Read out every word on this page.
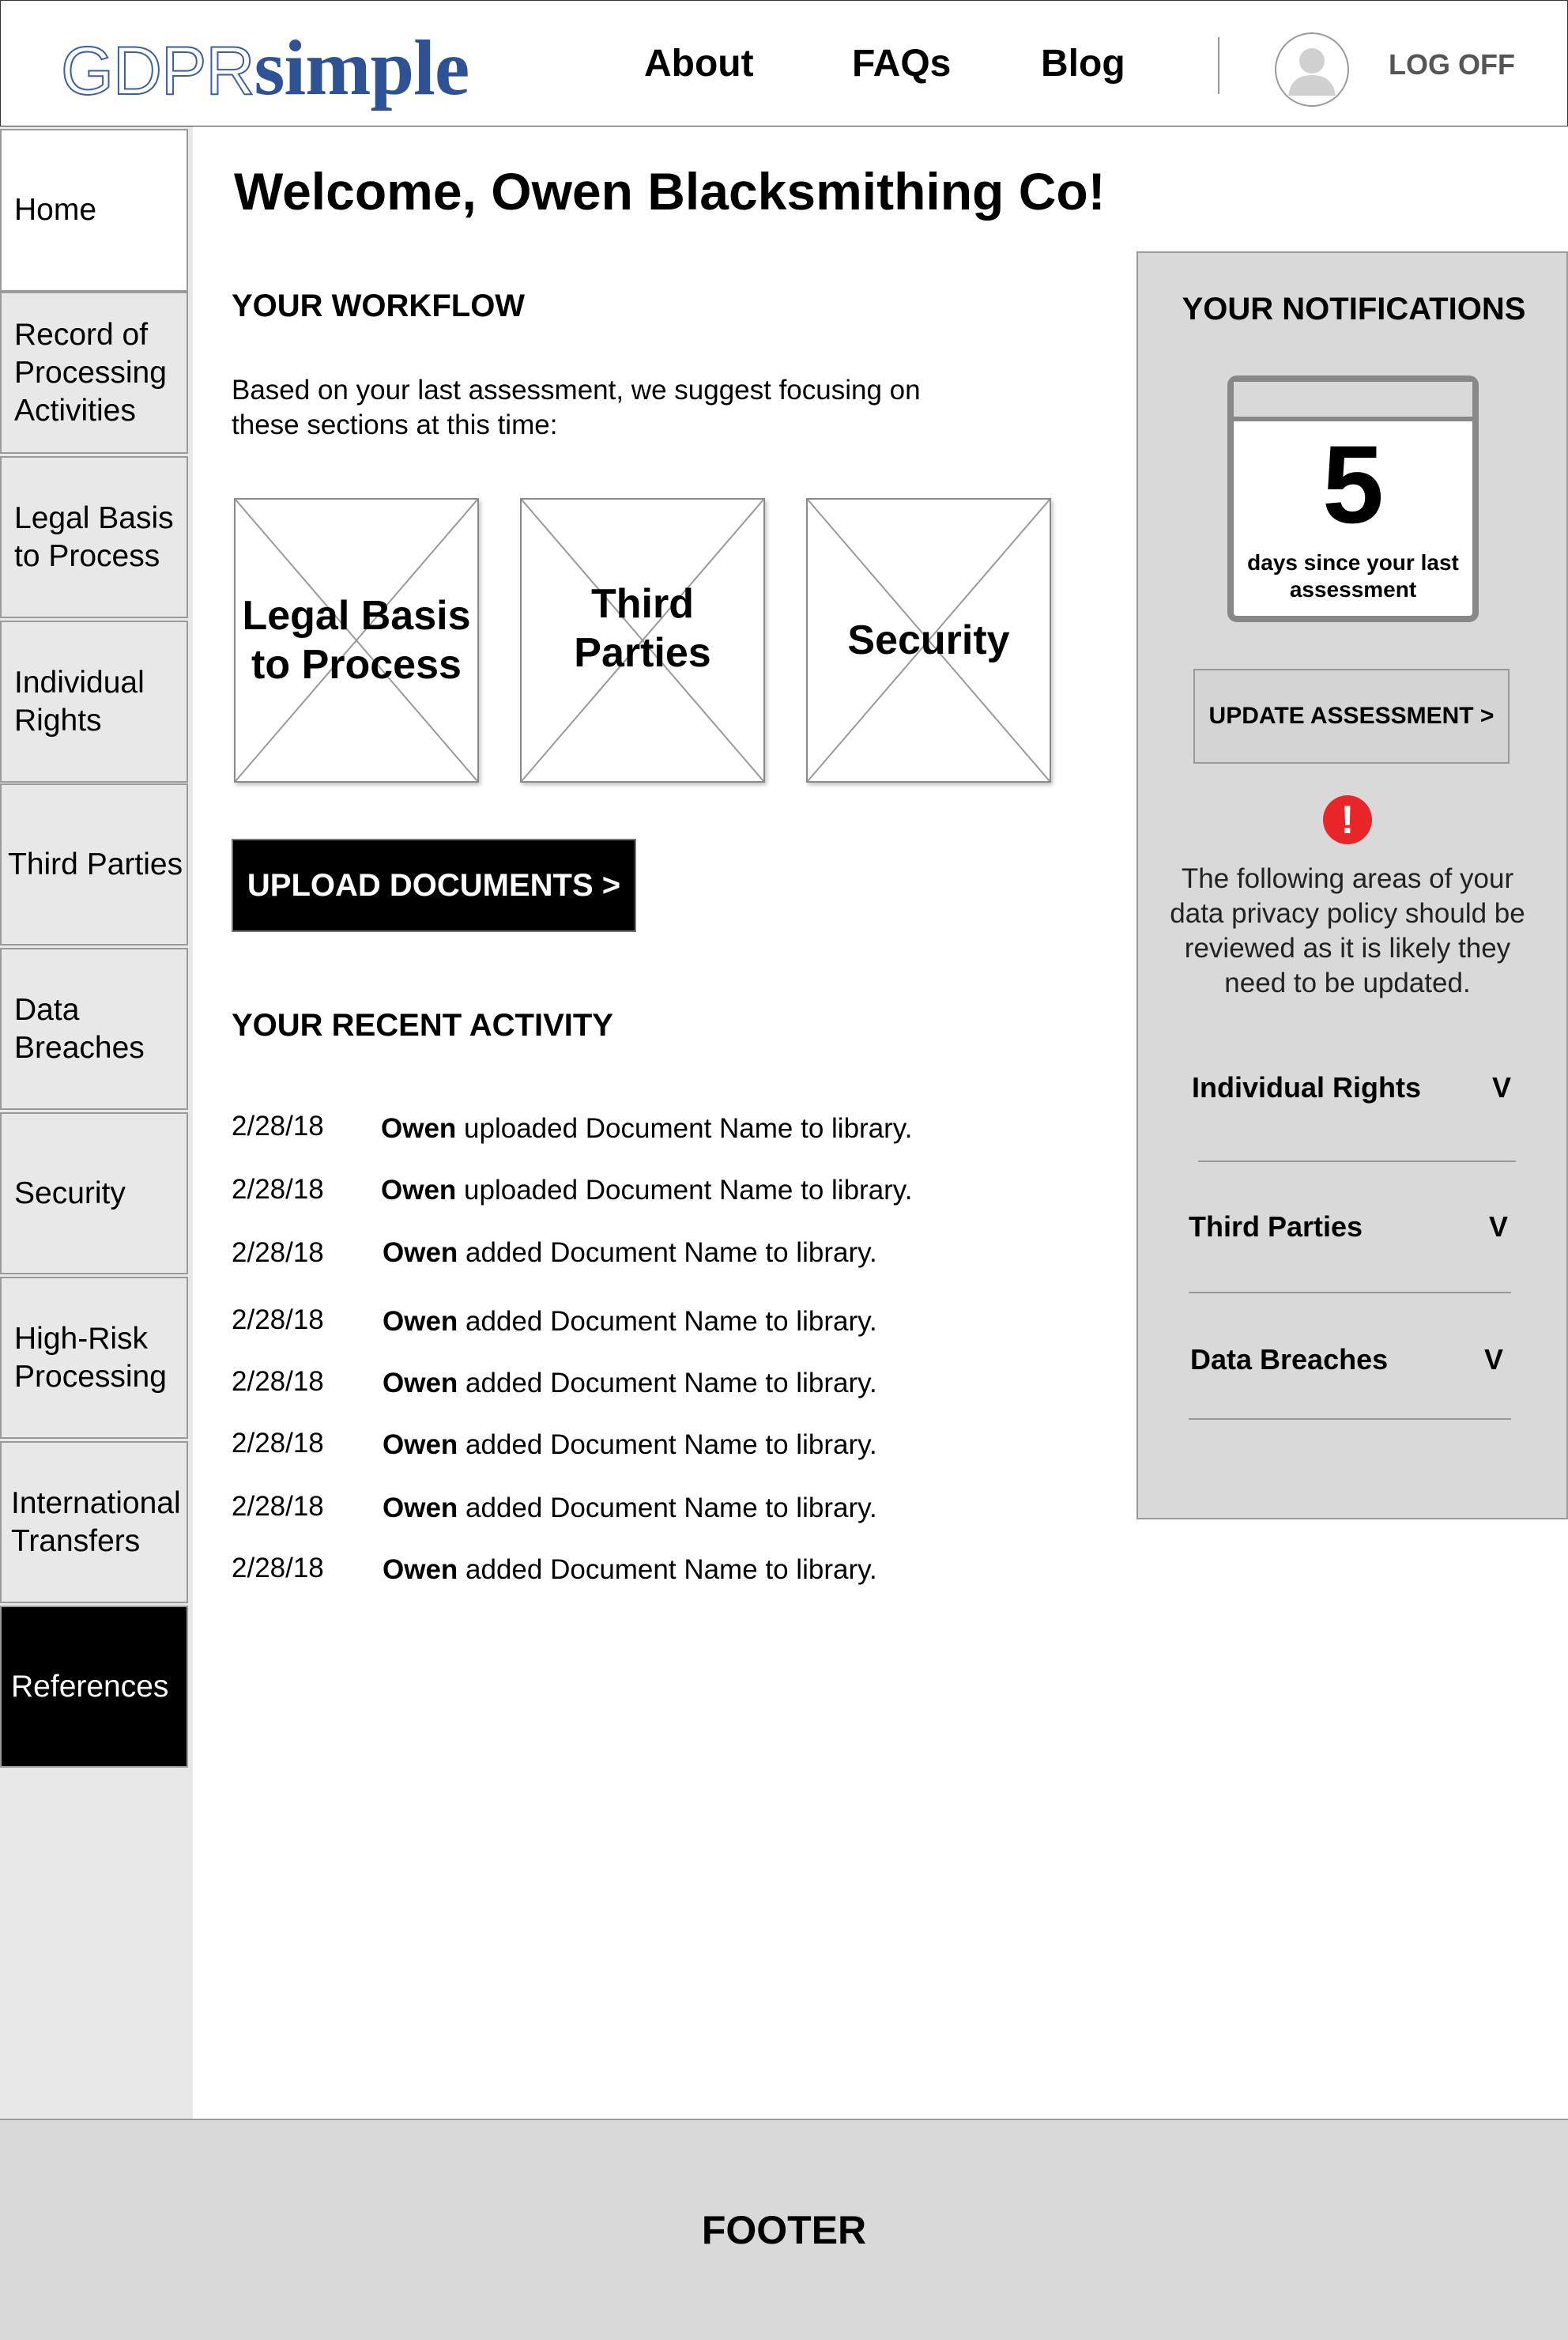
GDPR simple	About	FAQs Blog	LOG OFF
Home
Record of Processing Activities
Legal Basis to Process
Individual Rights
Third Parties
Data Breaches
Security
High-Risk Processing
International Transfers
References
Welcome, Owen Blacksmithing Co!
YOUR WORKFLOW
Based on your last assessment, we suggest focusing on these sections at this time:
Legal Basis to Process
Third Parties	Security
UPLOAD DOCUMENTS >
YOUR RECENT ACTIVITY
2/28/18 Owen uploaded Document Name to library.
2/28/18 Owen uploaded Document Name to library.
2/28/18 Owen added Document Name to library.
2/28/18 Owen added Document Name to library.
2/28/18 Owen added Document Name to library.
2/28/18 Owen added Document Name to library.
2/28/18 Owen added Document Name to library.
2/28/18 Owen added Document Name to library.
YOUR NOTIFICATIONS
5
days since your last assessment
UPDATE ASSESSMENT >
!
The following areas of your data privacy policy should be reviewed as it is likely they need to be updated.
Individual Rights V
Third Parties	V
Data Breaches	V
FOOTER
